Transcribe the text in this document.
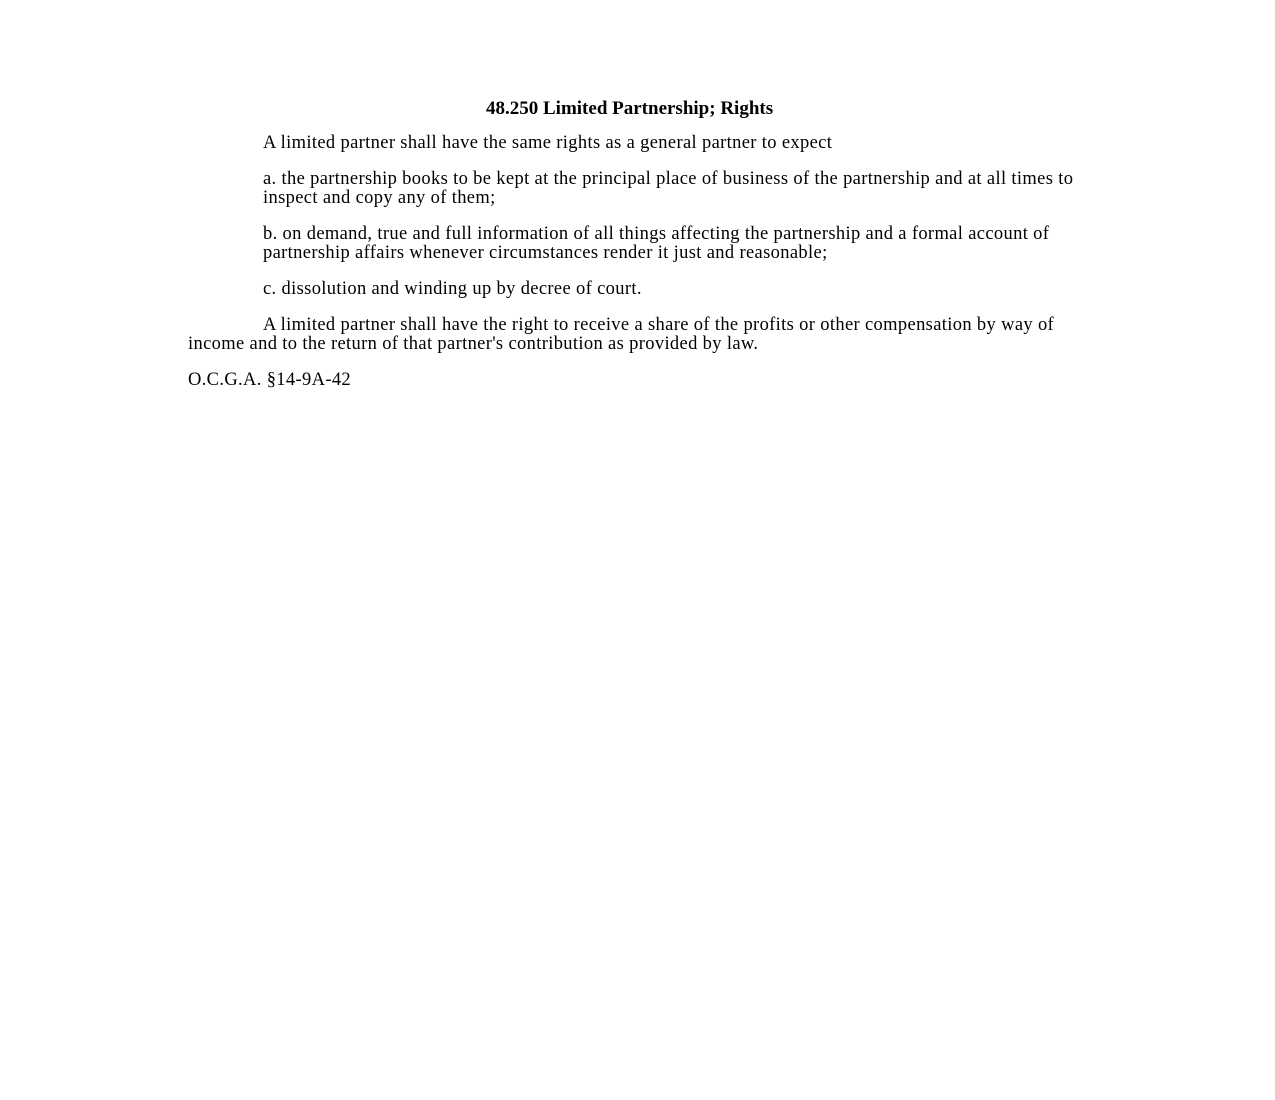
48.250 Limited Partnership; Rights

A limited partner shall have the same rights as a general partner to expect

a. the partnership books to be kept at the principal place of business of the partnership and at all times to inspect and copy any of them;

b. on demand, true and full information of all things affecting the partnership and a formal account of partnership affairs whenever circumstances render it just and reasonable;

c. dissolution and winding up by decree of court.

A limited partner shall have the right to receive a share of the profits or other compensation by way of income and to the return of that partner's contribution as provided by law.

O.C.G.A. §14-9A-42
